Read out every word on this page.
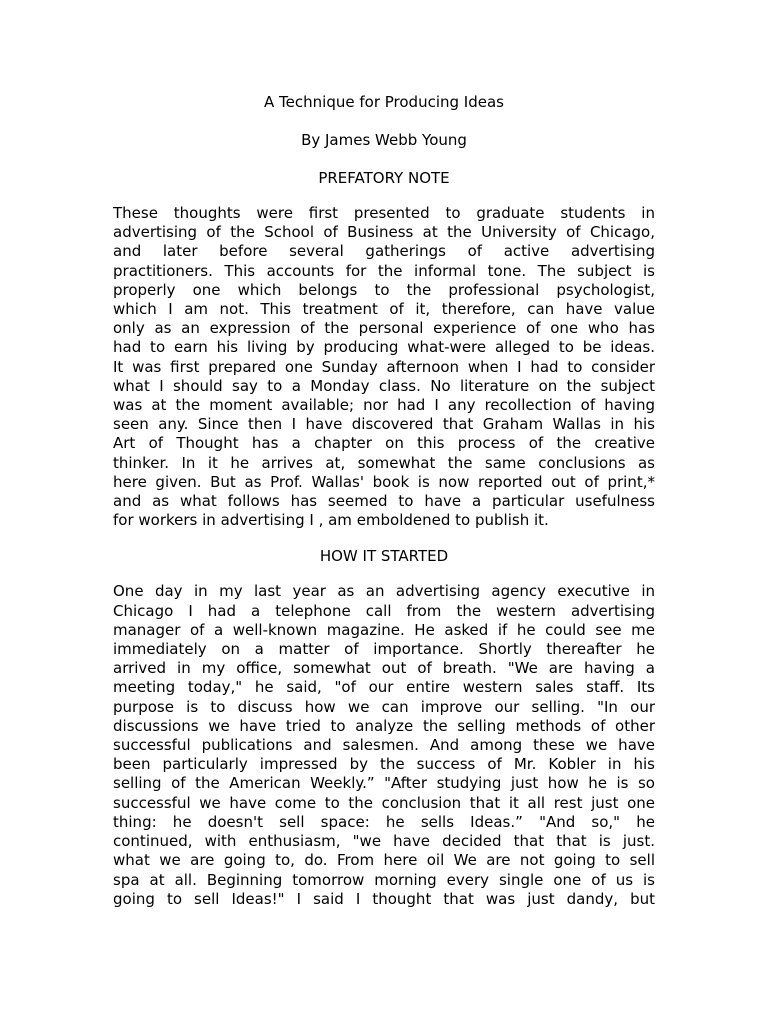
A Technique for Producing Ideas

By James Webb Young

PREFATORY NOTE

These thoughts were first presented to graduate students in
advertising of the School of Business at the University of Chicago,
and later before several gatherings of active advertising
practitioners. This accounts for the informal tone. The subject is
properly one which belongs to the professional psychologist,
which I am not. This treatment of it, therefore, can have value
only as an expression of the personal experience of one who has
had to earn his living by producing what-were alleged to be ideas.
It was first prepared one Sunday afternoon when I had to consider
what I should say to a Monday class. No literature on the subject
was at the moment available; nor had I any recollection of having
seen any. Since then I have discovered that Graham Wallas in his
Art of Thought has a chapter on this process of the creative
thinker. In it he arrives at, somewhat the same conclusions as
here given. But as Prof. Wallas' book is now reported out of print,*
and as what follows has seemed to have a particular usefulness
for workers in advertising I , am emboldened to publish it.

HOW IT STARTED

One day in my last year as an advertising agency executive in
Chicago I had a telephone call from the western advertising
manager of a well-known magazine. He asked if he could see me
immediately on a matter of importance. Shortly thereafter he
arrived in my office, somewhat out of breath. "We are having a
meeting today," he said, "of our entire western sales staff. Its
purpose is to discuss how we can improve our selling. "In our
discussions we have tried to analyze the selling methods of other
successful publications and salesmen. And among these we have
been particularly impressed by the success of Mr. Kobler in his
selling of the American Weekly.” "After studying just how he is so
successful we have come to the conclusion that it all rest just one
thing: he doesn't sell space: he sells Ideas.” "And so," he
continued, with enthusiasm, "we have decided that that is just.
what we are going to, do. From here oil We are not going to sell
spa at all. Beginning tomorrow morning every single one of us is
going to sell Ideas!" I said I thought that was just dandy, but
